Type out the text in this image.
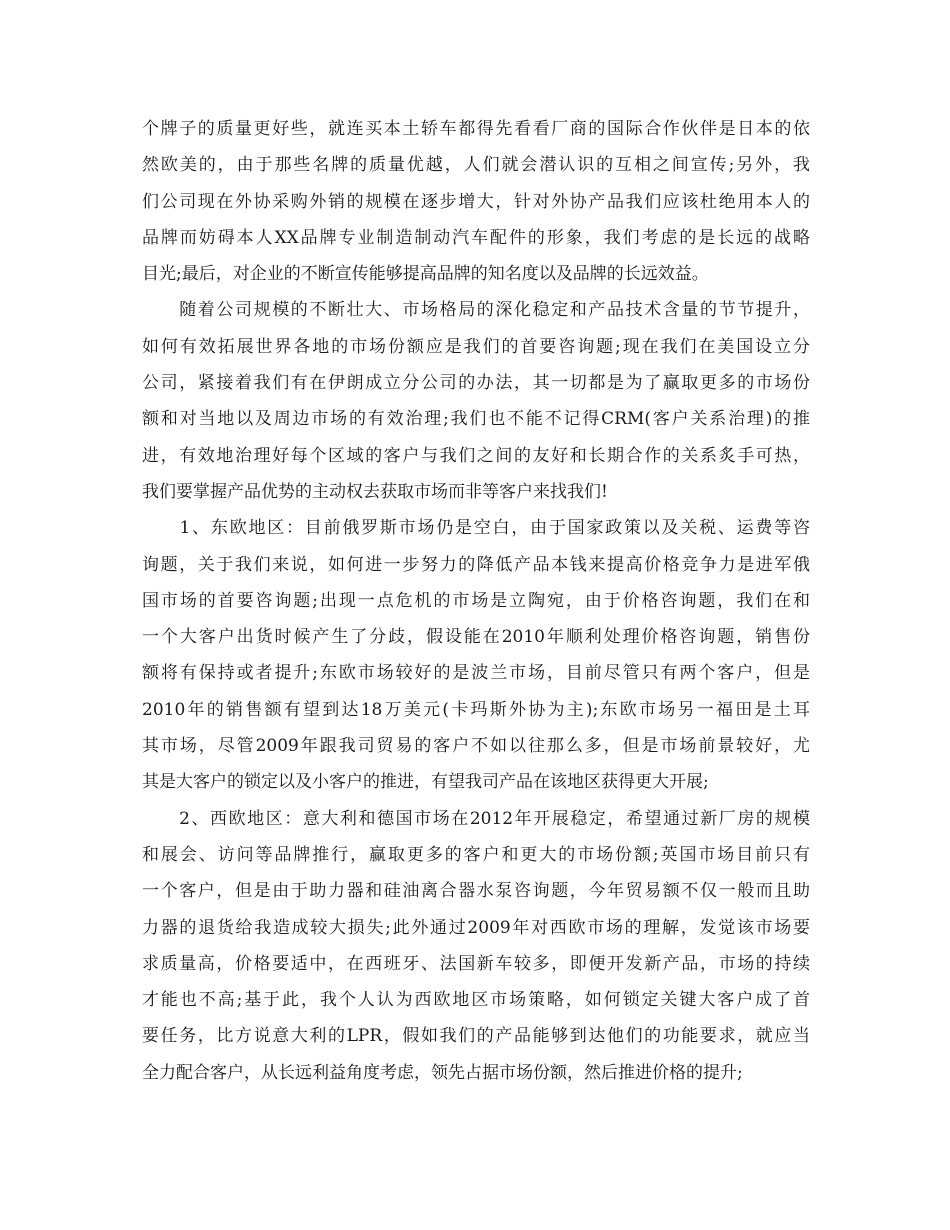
个牌子的质量更好些，就连买本土轿车都得先看看厂商的国际合作伙伴是日本的依
然欧美的，由于那些名牌的质量优越，人们就会潜认识的互相之间宣传;另外，我
们公司现在外协采购外销的规模在逐步增大，针对外协产品我们应该杜绝用本人的
品牌而妨碍本人XX品牌专业制造制动汽车配件的形象，我们考虑的是长远的战略
目光;最后，对企业的不断宣传能够提高品牌的知名度以及品牌的长远效益。
　　随着公司规模的不断壮大、市场格局的深化稳定和产品技术含量的节节提升，
如何有效拓展世界各地的市场份额应是我们的首要咨询题;现在我们在美国设立分
公司，紧接着我们有在伊朗成立分公司的办法，其一切都是为了赢取更多的市场份
额和对当地以及周边市场的有效治理;我们也不能不记得CRM(客户关系治理)的推
进，有效地治理好每个区域的客户与我们之间的友好和长期合作的关系炙手可热，
我们要掌握产品优势的主动权去获取市场而非等客户来找我们!
　　1、东欧地区：目前俄罗斯市场仍是空白，由于国家政策以及关税、运费等咨
询题，关于我们来说，如何进一步努力的降低产品本钱来提高价格竞争力是进军俄
国市场的首要咨询题;出现一点危机的市场是立陶宛，由于价格咨询题，我们在和
一个大客户出货时候产生了分歧，假设能在2010年顺利处理价格咨询题，销售份
额将有保持或者提升;东欧市场较好的是波兰市场，目前尽管只有两个客户，但是
2010年的销售额有望到达18万美元(卡玛斯外协为主);东欧市场另一福田是土耳
其市场，尽管2009年跟我司贸易的客户不如以往那么多，但是市场前景较好，尤
其是大客户的锁定以及小客户的推进，有望我司产品在该地区获得更大开展;
　　2、西欧地区：意大利和德国市场在2012年开展稳定，希望通过新厂房的规模
和展会、访问等品牌推行，赢取更多的客户和更大的市场份额;英国市场目前只有
一个客户，但是由于助力器和硅油离合器水泵咨询题，今年贸易额不仅一般而且助
力器的退货给我造成较大损失;此外通过2009年对西欧市场的理解，发觉该市场要
求质量高，价格要适中，在西班牙、法国新车较多，即便开发新产品，市场的持续
才能也不高;基于此，我个人认为西欧地区市场策略，如何锁定关键大客户成了首
要任务，比方说意大利的LPR，假如我们的产品能够到达他们的功能要求，就应当
全力配合客户，从长远利益角度考虑，领先占据市场份额，然后推进价格的提升;
